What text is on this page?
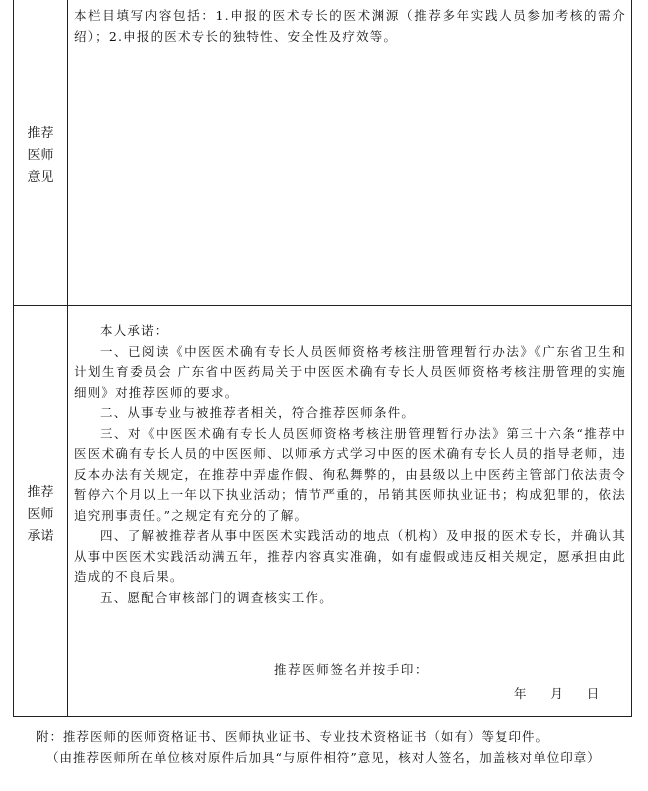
推荐
医师
意见

本栏目填写内容包括：1.申报的医术专长的医术渊源（推荐多年实践人员参加考核的需介绍）；2.申报的医术专长的独特性、安全性及疗效等。

推荐
医师
承诺

本人承诺：

一、已阅读《中医医术确有专长人员医师资格考核注册管理暂行办法》《广东省卫生和计划生育委员会 广东省中医药局关于中医医术确有专长人员医师资格考核注册管理的实施细则》对推荐医师的要求。

二、从事专业与被推荐者相关，符合推荐医师条件。

三、对《中医医术确有专长人员医师资格考核注册管理暂行办法》第三十六条“推荐中医医术确有专长人员的中医医师、以师承方式学习中医的医术确有专长人员的指导老师，违反本办法有关规定，在推荐中弄虚作假、徇私舞弊的，由县级以上中医药主管部门依法责令暂停六个月以上一年以下执业活动；情节严重的，吊销其医师执业证书；构成犯罪的，依法追究刑事责任。”之规定有充分的了解。

四、了解被推荐者从事中医医术实践活动的地点（机构）及申报的医术专长，并确认其从事中医医术实践活动满五年，推荐内容真实准确，如有虚假或违反相关规定，愿承担由此造成的不良后果。

五、愿配合审核部门的调查核实工作。

推荐医师签名并按手印：
年    月    日

附：推荐医师的医师资格证书、医师执业证书、专业技术资格证书（如有）等复印件。

（由推荐医师所在单位核对原件后加具“与原件相符”意见，核对人签名，加盖核对单位印章）
